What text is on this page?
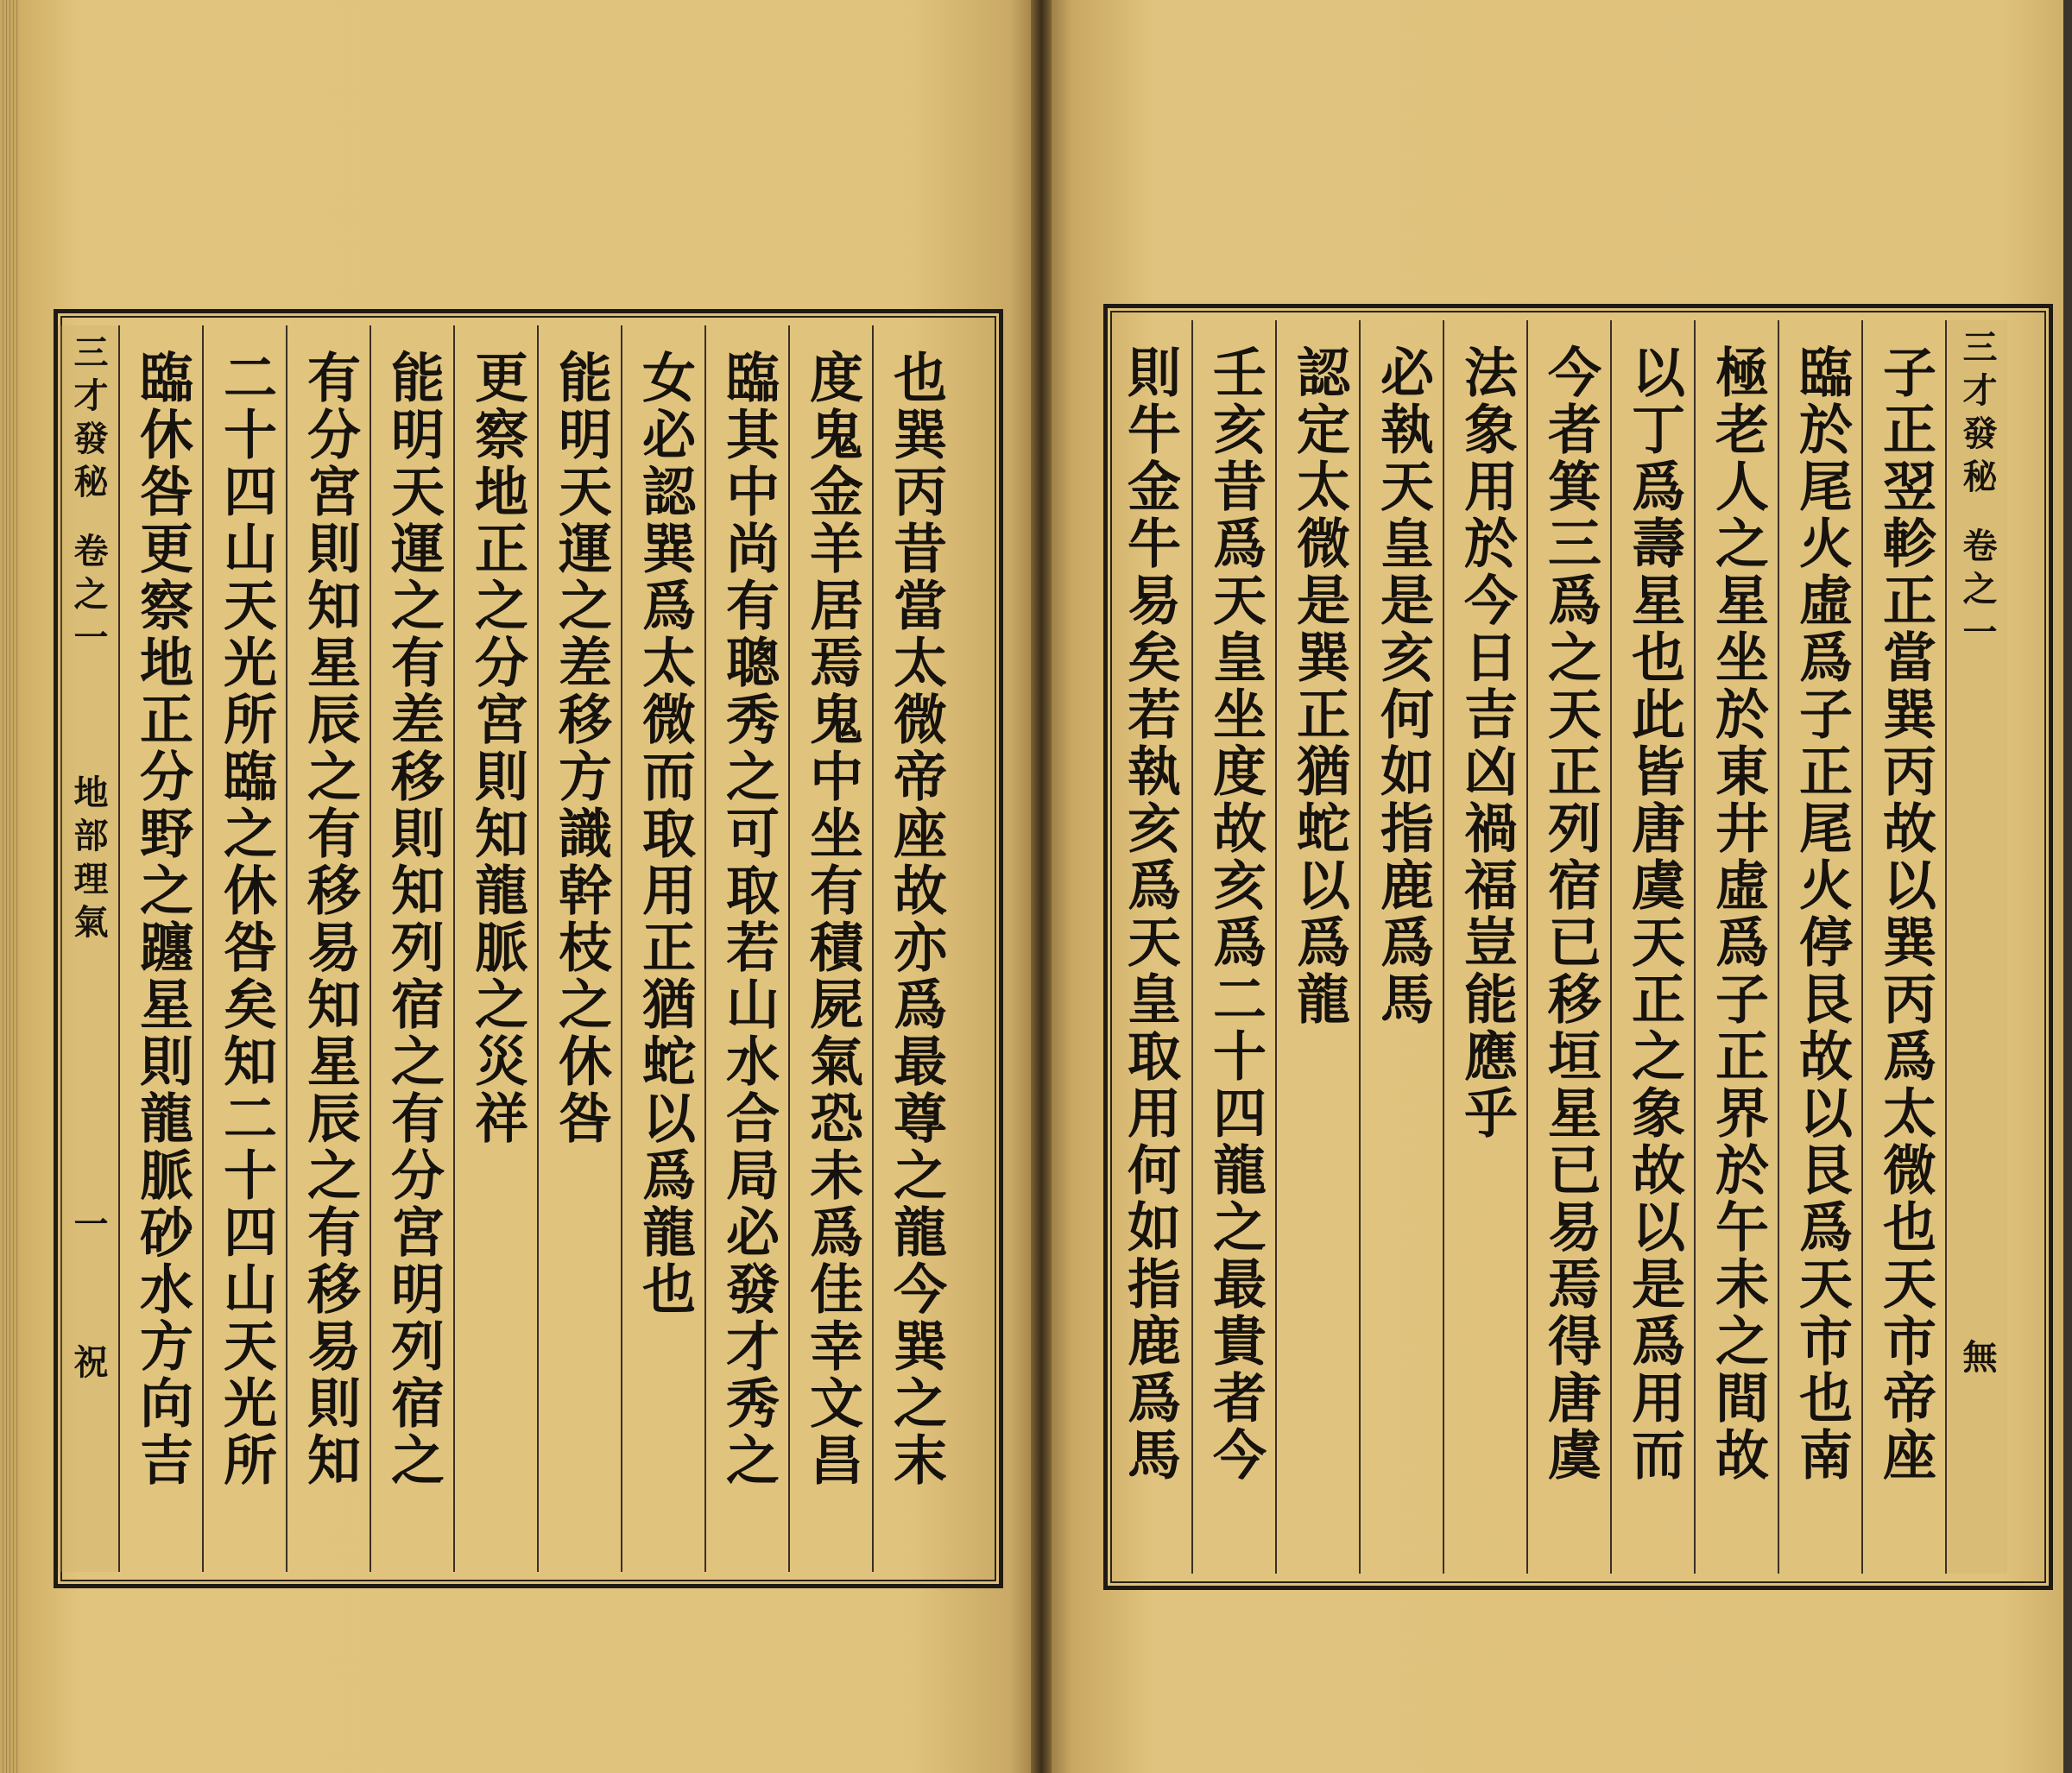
三才發秘
卷之一
地部理氣
一
祝 臨休咎更察地正分野之躔星則龍脈砂水方向吉 二十四山天光所臨之休咎矣知二十四山天光所 有分宮則知星辰之有移易知星辰之有移易則知 能明天運之有差移則知列宿之有分宮明列宿之 更察地正之分宮則知龍脈之災祥 能明天運之差移方識幹枝之休咎 女必認巽爲太微而取用正猶蛇以爲龍也 臨其中尚有聰秀之可取若山水合局必發才秀之 度鬼金羊居焉鬼中坐有積屍氣恐未爲佳幸文昌 也巽丙昔當太微帝座故亦爲最尊之龍今巽之末	則牛金牛易矣若執亥爲天皇取用何如指鹿爲馬 壬亥昔爲天皇坐度故亥爲二十四龍之最貴者今 認定太微是巽正猶蛇以爲龍 必執天皇是亥何如指鹿爲馬 法象用於今日吉凶禍福豈能應乎 今者箕三爲之天正列宿已移垣星已易焉得唐虞 以丁爲壽星也此皆唐虞天正之象故以是爲用而 極老人之星坐於東井虛爲子正界於午未之間故 臨於尾火虛爲子正尾火停艮故以艮爲天市也南 子正翌軫正當巽丙故以巽丙爲太微也天市帝座 三才發秘
卷之一
無
